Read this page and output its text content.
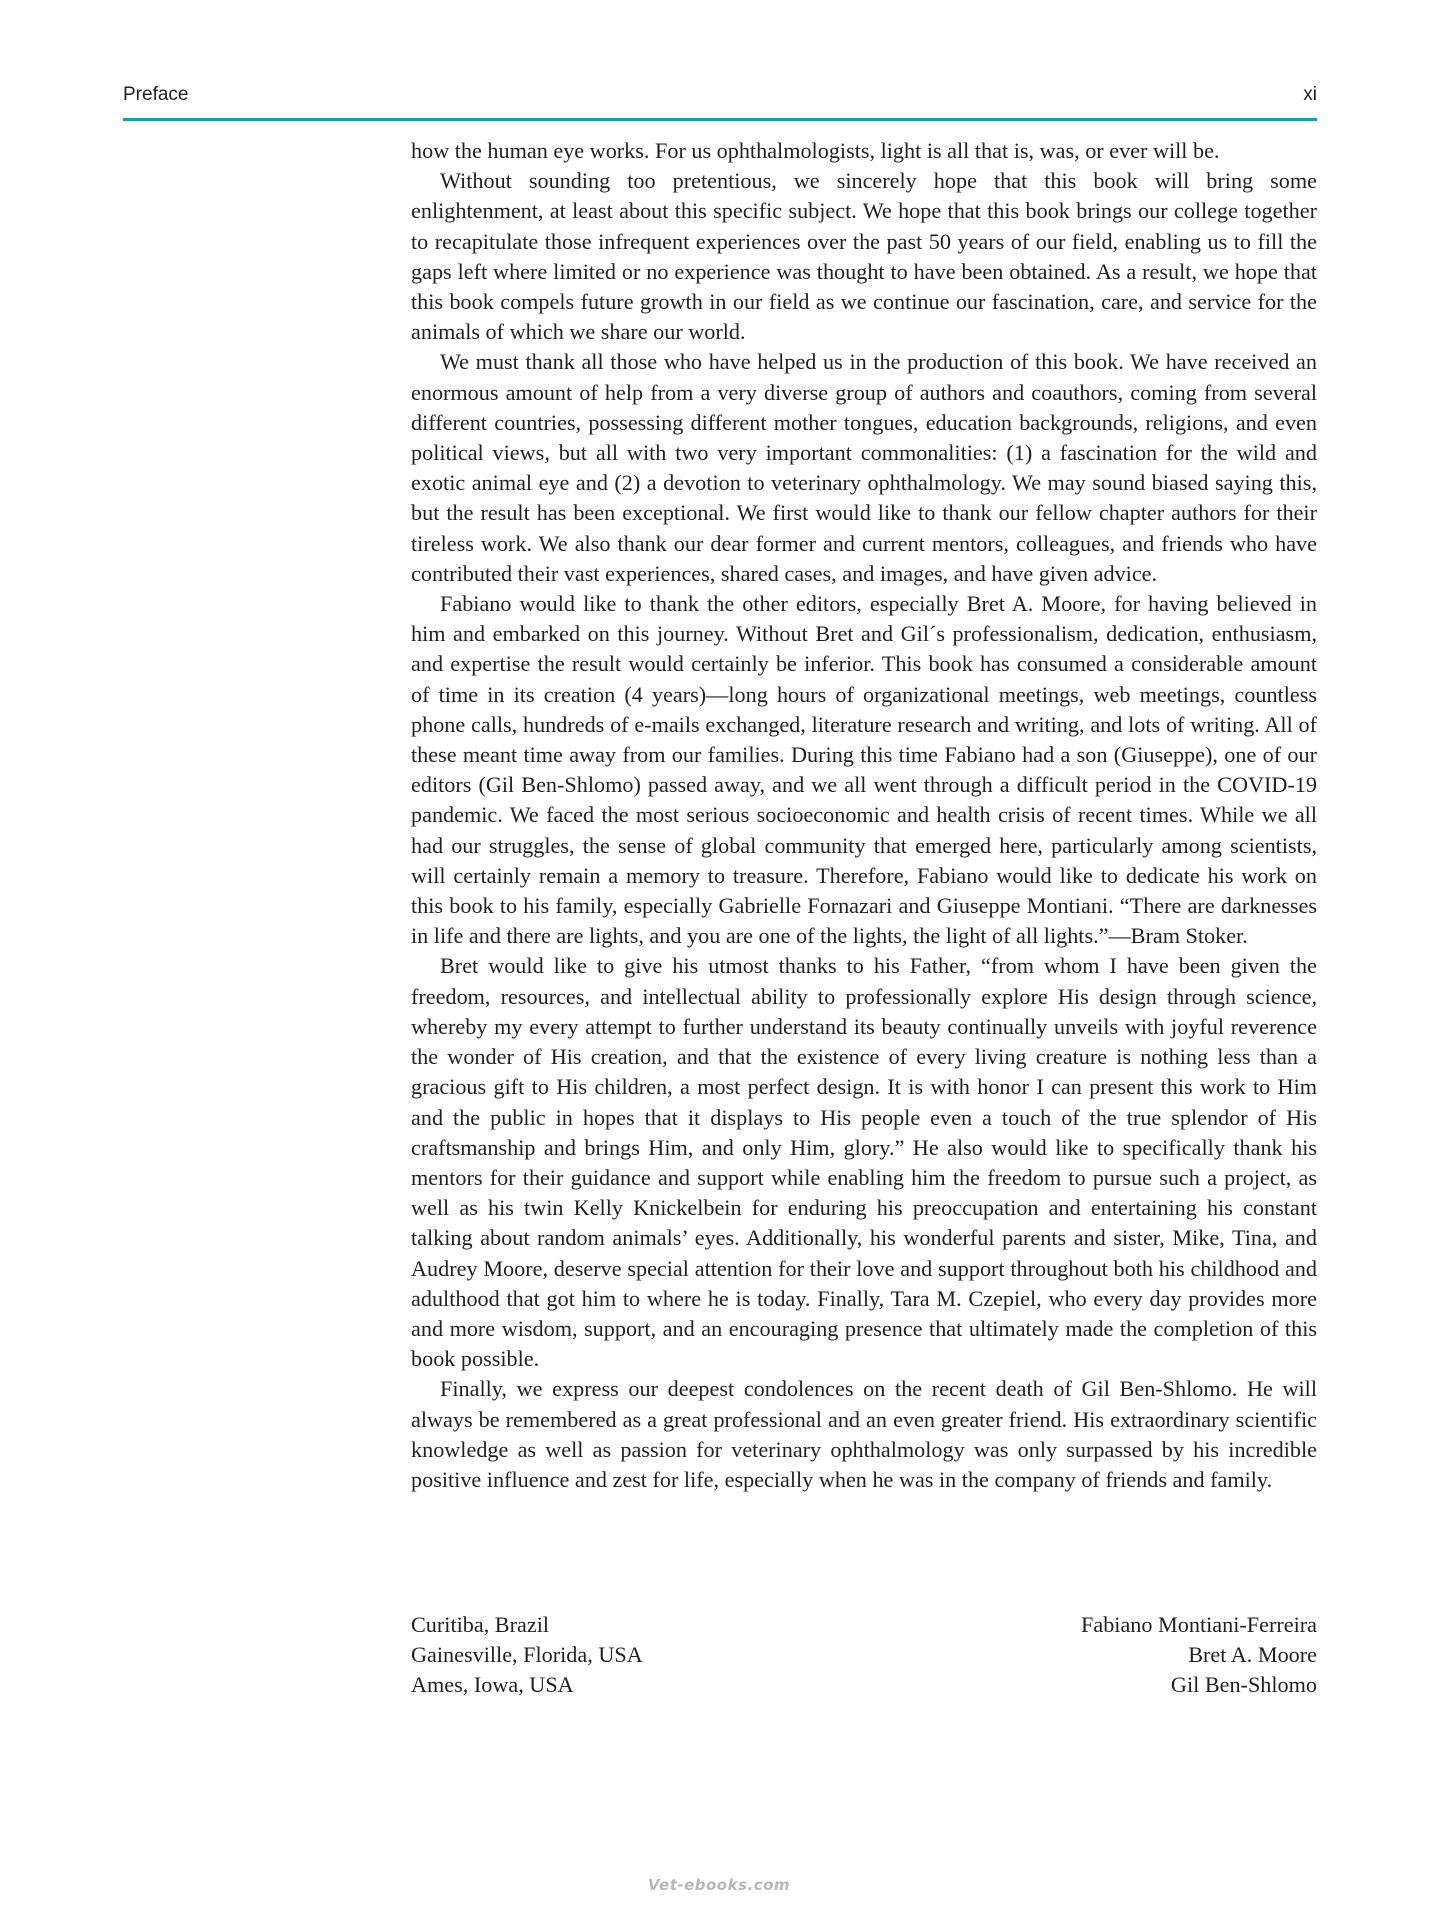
Preface	xi

how the human eye works. For us ophthalmologists, light is all that is, was, or ever will be.

Without sounding too pretentious, we sincerely hope that this book will bring some enlightenment, at least about this specific subject. We hope that this book brings our college together to recapitulate those infrequent experiences over the past 50 years of our field, enabling us to fill the gaps left where limited or no experience was thought to have been obtained. As a result, we hope that this book compels future growth in our field as we continue our fascination, care, and service for the animals of which we share our world.

We must thank all those who have helped us in the production of this book. We have received an enormous amount of help from a very diverse group of authors and coauthors, coming from several different countries, possessing different mother tongues, education backgrounds, religions, and even political views, but all with two very important commonalities: (1) a fascination for the wild and exotic animal eye and (2) a devotion to veterinary ophthalmology. We may sound biased saying this, but the result has been exceptional. We first would like to thank our fellow chapter authors for their tireless work. We also thank our dear former and current mentors, colleagues, and friends who have contributed their vast experiences, shared cases, and images, and have given advice.

Fabiano would like to thank the other editors, especially Bret A. Moore, for having believed in him and embarked on this journey. Without Bret and Gil´s professionalism, dedication, enthusiasm, and expertise the result would certainly be inferior. This book has consumed a considerable amount of time in its creation (4 years)—long hours of organizational meetings, web meetings, countless phone calls, hundreds of e-mails exchanged, literature research and writing, and lots of writing. All of these meant time away from our families. During this time Fabiano had a son (Giuseppe), one of our editors (Gil Ben-Shlomo) passed away, and we all went through a difficult period in the COVID-19 pandemic. We faced the most serious socioeconomic and health crisis of recent times. While we all had our struggles, the sense of global community that emerged here, particularly among scientists, will certainly remain a memory to treasure. Therefore, Fabiano would like to dedicate his work on this book to his family, especially Gabrielle Fornazari and Giuseppe Montiani. “There are darknesses in life and there are lights, and you are one of the lights, the light of all lights.”—Bram Stoker.

Bret would like to give his utmost thanks to his Father, “from whom I have been given the freedom, resources, and intellectual ability to professionally explore His design through science, whereby my every attempt to further understand its beauty continually unveils with joyful reverence the wonder of His creation, and that the existence of every living creature is nothing less than a gracious gift to His children, a most perfect design. It is with honor I can present this work to Him and the public in hopes that it displays to His people even a touch of the true splendor of His craftsmanship and brings Him, and only Him, glory.” He also would like to specifically thank his mentors for their guidance and support while enabling him the freedom to pursue such a project, as well as his twin Kelly Knickelbein for enduring his preoccupation and entertaining his constant talking about random animals’ eyes. Additionally, his wonderful parents and sister, Mike, Tina, and Audrey Moore, deserve special attention for their love and support throughout both his childhood and adulthood that got him to where he is today. Finally, Tara M. Czepiel, who every day provides more and more wisdom, support, and an encouraging presence that ultimately made the completion of this book possible.

Finally, we express our deepest condolences on the recent death of Gil Ben-Shlomo. He will always be remembered as a great professional and an even greater friend. His extraordinary scientific knowledge as well as passion for veterinary ophthalmology was only surpassed by his incredible positive influence and zest for life, especially when he was in the company of friends and family.

Curitiba, Brazil	Fabiano Montiani-Ferreira
Gainesville, Florida, USA	Bret A. Moore
Ames, Iowa, USA	Gil Ben-Shlomo
Vet-ebooks.com
